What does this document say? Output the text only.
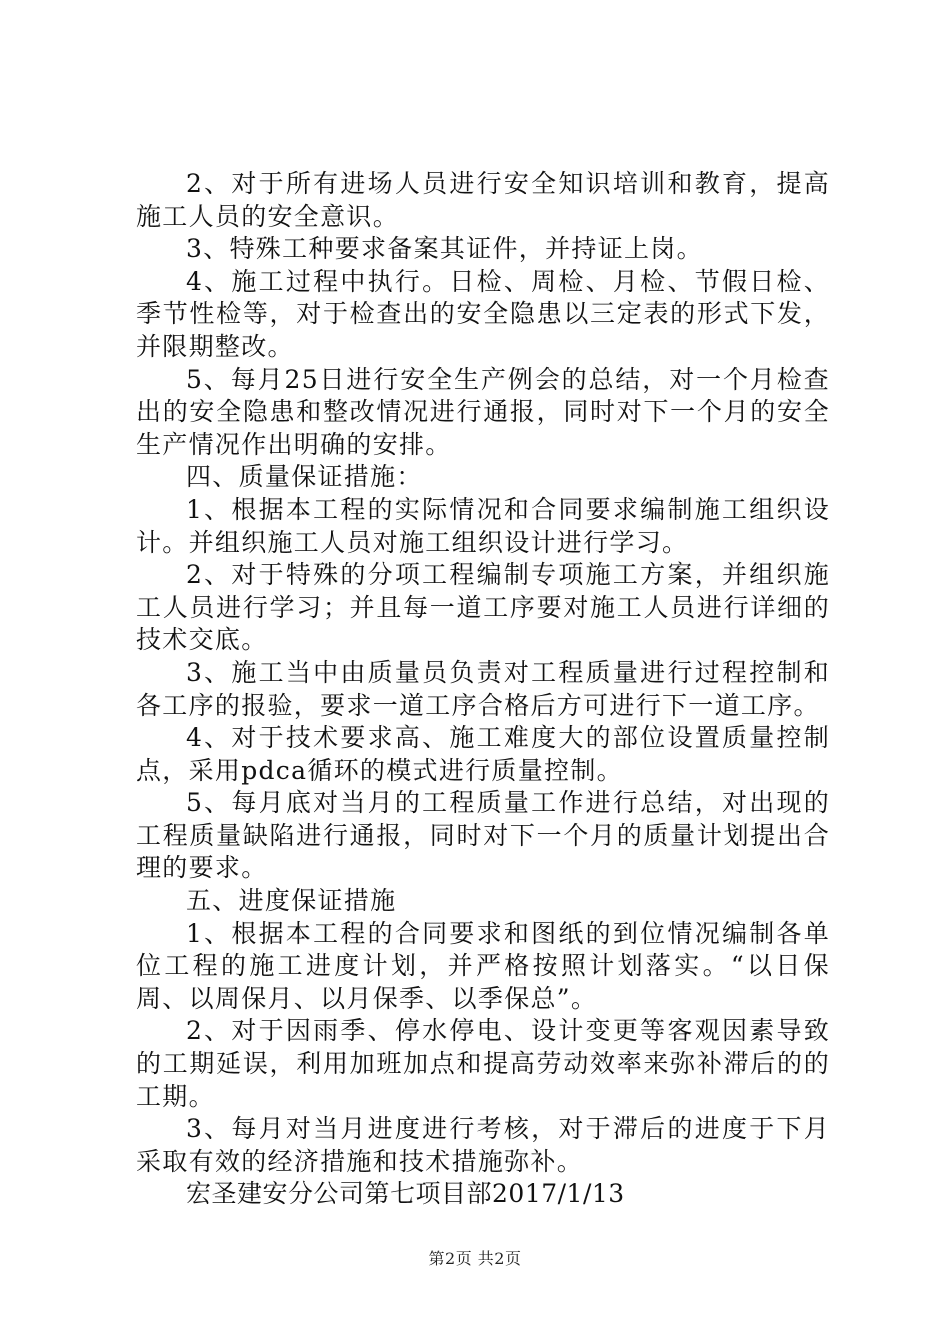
2、对于所有进场人员进行安全知识培训和教育，提高施工人员的安全意识。

3、特殊工种要求备案其证件，并持证上岗。

4、施工过程中执行。日检、周检、月检、节假日检、季节性检等，对于检查出的安全隐患以三定表的形式下发，并限期整改。

5、每月25日进行安全生产例会的总结，对一个月检查出的安全隐患和整改情况进行通报，同时对下一个月的安全生产情况作出明确的安排。

四、质量保证措施：

1、根据本工程的实际情况和合同要求编制施工组织设计。并组织施工人员对施工组织设计进行学习。

2、对于特殊的分项工程编制专项施工方案，并组织施工人员进行学习；并且每一道工序要对施工人员进行详细的技术交底。

3、施工当中由质量员负责对工程质量进行过程控制和各工序的报验，要求一道工序合格后方可进行下一道工序。

4、对于技术要求高、施工难度大的部位设置质量控制点，采用pdca循环的模式进行质量控制。

5、每月底对当月的工程质量工作进行总结，对出现的工程质量缺陷进行通报，同时对下一个月的质量计划提出合理的要求。

五、进度保证措施

1、根据本工程的合同要求和图纸的到位情况编制各单位工程的施工进度计划，并严格按照计划落实。“以日保周、以周保月、以月保季、以季保总”。

2、对于因雨季、停水停电、设计变更等客观因素导致的工期延误，利用加班加点和提高劳动效率来弥补滞后的的工期。

3、每月对当月进度进行考核，对于滞后的进度于下月采取有效的经济措施和技术措施弥补。

宏圣建安分公司第七项目部2017/1/13

第2页 共2页
